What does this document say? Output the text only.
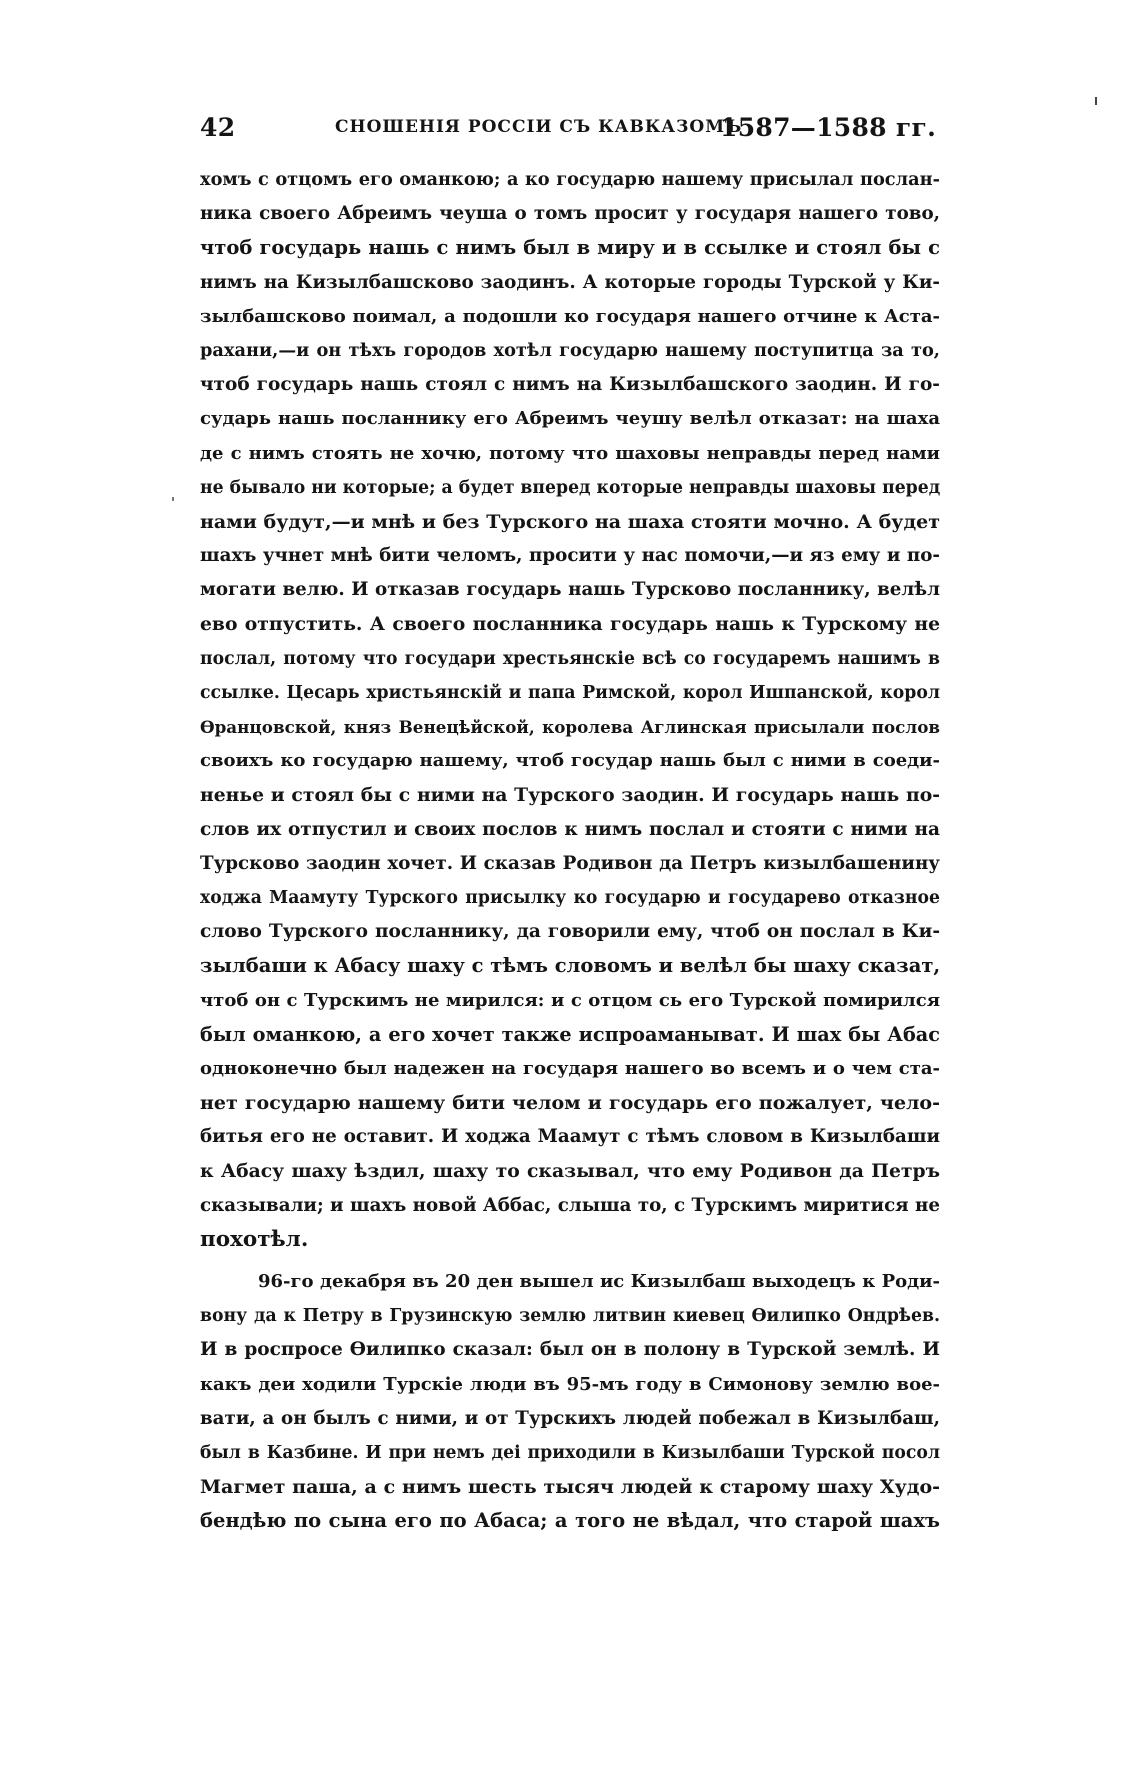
42	СНОШЕНІЯ РОССІИ СЪ КАВКАЗОМЪ
1587—1588 гг.
хомъ с отцомъ его оманкою; а ко государю нашему присылал послан-
ника своего Абреимъ чеуша о томъ просит у государя нашего тово,
чтоб государь нашь с нимъ был в миру и в ссылке и стоял бы с
нимъ на Кизылбашсково заодинъ. А которые городы Турской у Ки-
зылбашсково поимал, а подошли ко государя нашего отчине к Аста-
рахани,—и он тѣхъ городов хотѣл государю нашему поступитца за то,
чтоб государь нашь стоял с нимъ на Кизылбашского заодин. И го-
сударь нашь посланнику его Абреимъ чеушу велѣл отказат: на шаха
де с нимъ стоять не хочю, потому что шаховы неправды перед нами
не бывало ни которые; а будет вперед которые неправды шаховы перед
нами будут,—и мнѣ и без Турского на шаха стояти мочно. А будет
шахъ учнет мнѣ бити челомъ, просити у нас помочи,—и яз ему и по-
могати велю. И отказав государь нашь Турсково посланнику, велѣл
ево отпустить. А своего посланника государь нашь к Турскому не
послал, потому что государи хрестьянскіе всѣ со государемъ нашимъ в
ссылке. Цесарь христьянскій и папа Римской, корол Ишпанской, корол
Ѳранцовской, княз Венецѣйской, королева Аглинская присылали послов
своихъ ко государю нашему, чтоб государ нашь был с ними в соеди-
ненье и стоял бы с ними на Турского заодин. И государь нашь по-
слов их отпустил и своих послов к нимъ послал и стояти с ними на
Турсково заодин хочет. И сказав Родивон да Петръ кизылбашенину
ходжа Маамуту Турского присылку ко государю и государево отказное
слово Турского посланнику, да говорили ему, чтоб он послал в Ки-
зылбаши к Абасу шаху с тѣмъ словомъ и велѣл бы шаху сказат,
чтоб он с Турскимъ не мирился: и с отцом сь его Турской помирился
был оманкою, а его хочет также испроаманыват. И шах бы Абас
одноконечно был надежен на государя нашего во всемъ и о чем ста-
нет государю нашему бити челом и государь его пожалует, чело-
битья его не оставит. И ходжа Маамут с тѣмъ словом в Кизылбаши
к Абасу шаху ѣздил, шаху то сказывал, что ему Родивон да Петръ
сказывали; и шахъ новой Аббас, слыша то, с Турскимъ миритися не
похотѣл.
96-го декабря въ 20 ден вышел ис Кизылбаш выходецъ к Роди-
вону да к Петру в Грузинскую землю литвин киевец Ѳилипко Ондрѣев.
И в роспросе Ѳилипко сказал: был он в полону в Турской землѣ. И
какъ деи ходили Турскіе люди въ 95-мъ году в Симонову землю вое-
вати, а он былъ с ними, и от Турскихъ людей побежал в Кизылбаш,
был в Казбине. И при немъ деі приходили в Кизылбаши Турской посол
Магмет паша, а с нимъ шесть тысяч людей к старому шаху Худо-
бендѣю по сына его по Абаса; а того не вѣдал, что старой шахъ
